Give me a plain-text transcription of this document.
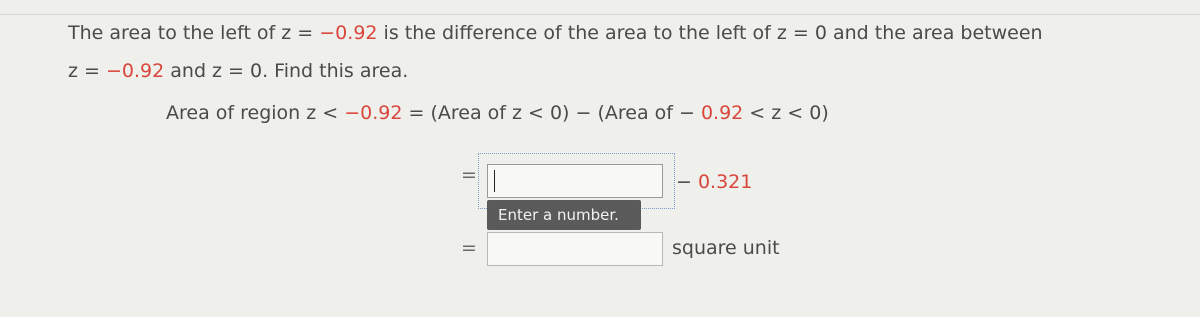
The area to the left of z = −0.92 is the difference of the area to the left of z = 0 and the area between
z = −0.92 and z = 0. Find this area.
Area of region z < −0.92 = (Area of z < 0) − (Area of − 0.92 < z < 0)
=	− 0.321
Enter a number.
=	square unit
